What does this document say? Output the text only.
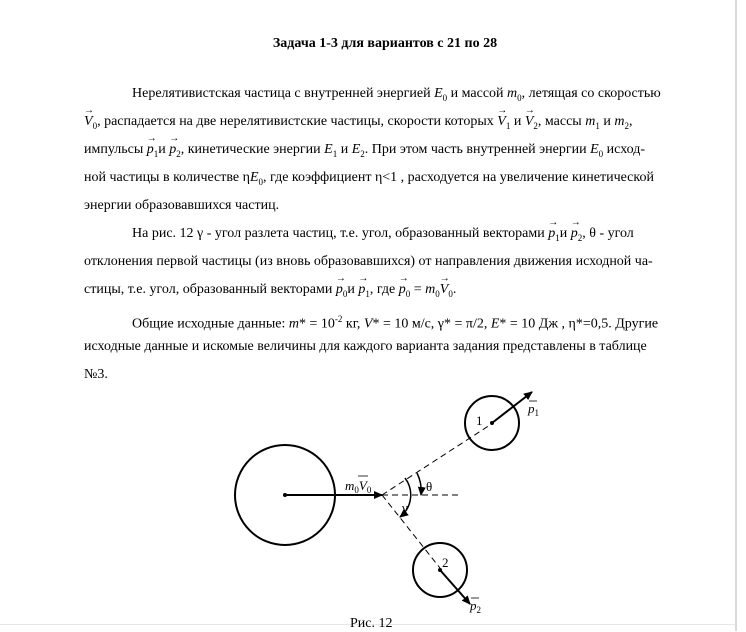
Задача 1-3 для вариантов с 21 по 28
Нерелятивистская частица с внутренней энергией $E_0$ и массой $m_0$, летящая со скоростью
→ $V_0$, распадается на две нерелятивистские частицы, скорости которых → $V_1$ $и \to V_2$, массы $m_1$ и $m_2$,
импульсы → $p_1и \to p_2$, кинетические энергии $E_1$ и $E_2$. При этом часть внутренней энергии $E_0$ исход-
ной частицы в количестве $\eta E_0$, где коэффициент η<1 , расходуется на увеличение кинетической
энергии образовавшихся частиц.
На рис. 12 γ - угол разлета частиц, т.е. угол, образованный векторами → $p_1и \to p_2$, θ - угол
отклонения первой частицы (из вновь образовавшихся) от направления движения исходной ча-
стицы, т.е. угол, образованный векторами → $p_0и \to p_1$, где → $p_0 = m_0\to V_0$.
Общие исходные данные: $m* = 10^{-2}$ кг, V* = 10 м/с, γ* = π/2, E* = 10 Дж , η*=0,5. Другие
исходные данные и искомые величины для каждого варианта задания представлены в таблице
№3.
$m_0V_0$	θ
γ
1
2
$p_1$
$p_2$
Рис. 12
